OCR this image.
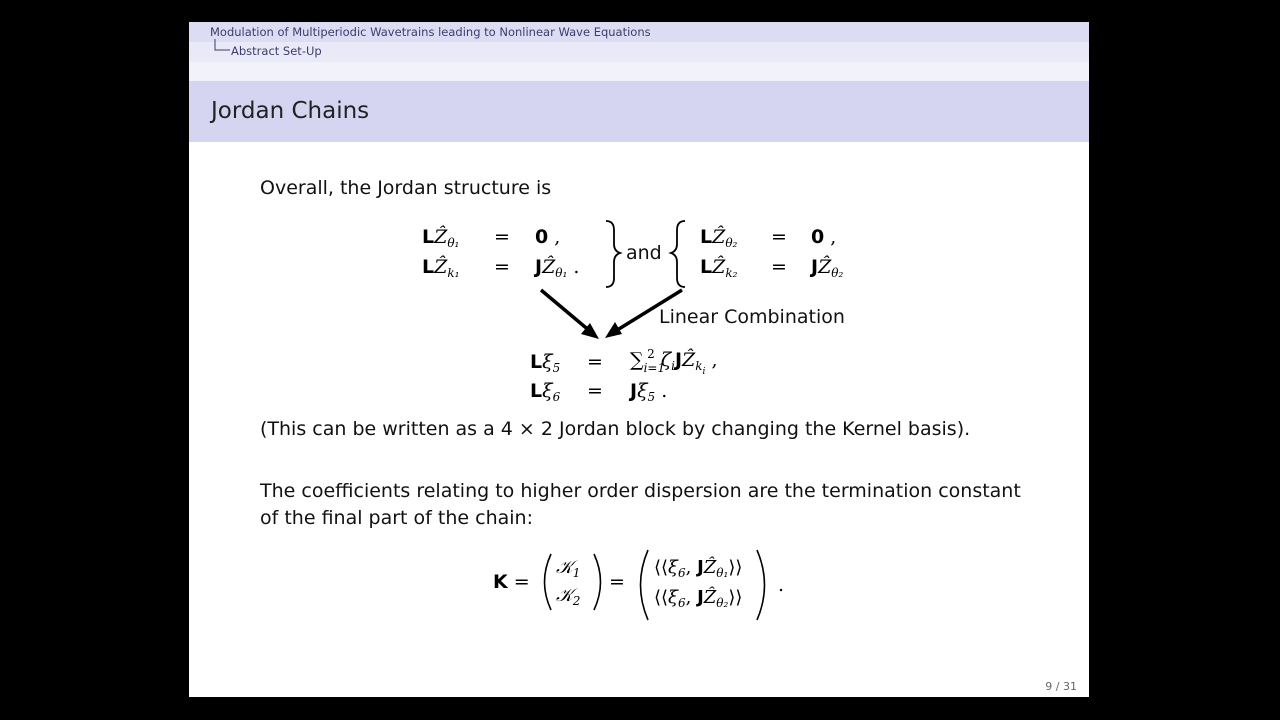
Modulation of Multiperiodic Wavetrains leading to Nonlinear Wave Equations
Abstract Set-Up
Jordan Chains
Overall, the Jordan structure is
LẐ$_{\theta_1}$ = 0 ,
LẐ$_{k_1}$ = JẐ$_{\theta_1}$ .
and
LẐ$_{\theta_2}$ = 0 ,
LẐ$_{k_2}$ = JẐ$_{\theta_2}$
Linear Combination
$L\xi_5 = \sum_{i=1}^2$ $\zeta_iJẐ_{k_i}$ ,
$L\xi_6 = J\xi_5$ .
(This can be written as a 4 × 2 Jordan block by changing the Kernel basis).
The coefficients relating to higher order dispersion are the termination constant
of the final part of the chain:
K =
𝒦$_1$
𝒦$_2$
=
$⟨⟨\xi_6$, JẐ$_{\theta_1}$⟩⟩
$⟨⟨\xi_6$, JẐ$_{\theta_2}$⟩⟩
.
9 / 31
